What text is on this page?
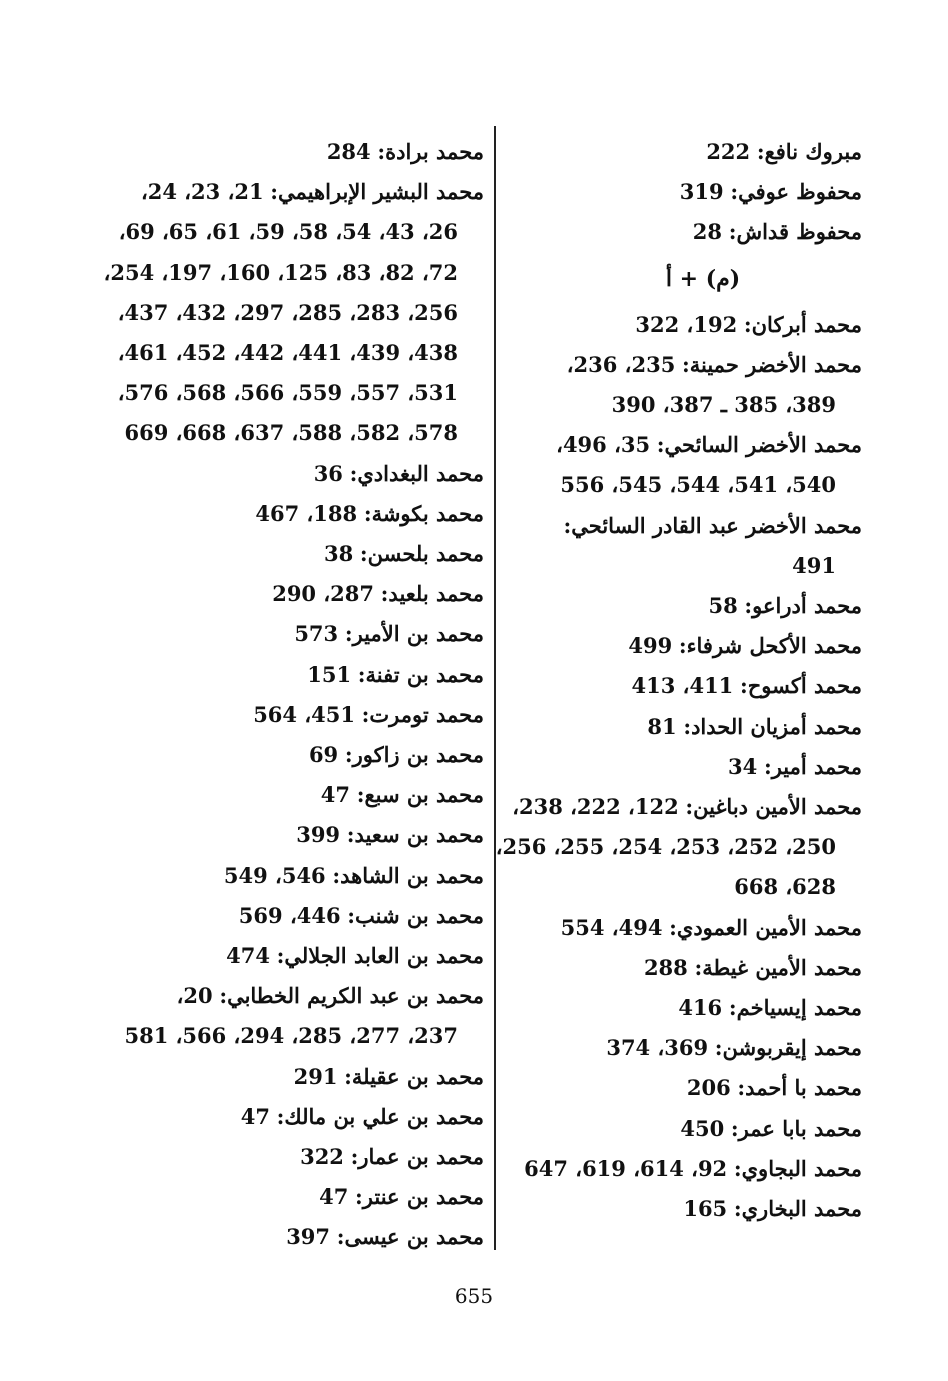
مبروك نافع: 222
محفوظ عوفي: 319
محفوظ قداش: 28
(م) + أ
محمد أبركان: 192، 322
محمد الأخضر حمينة: 235، 236،
389، 385 ـ 387، 390
محمد الأخضر السائحي: 35، 496،
540، 541، 544، 545، 556
محمد الأخضر عبد القادر السائحي:
491
محمد أدراعو: 58
محمد الأكحل شرفاء: 499
محمد أكسوح: 411، 413
محمد أمزيان الحداد: 81
محمد أمير: 34
محمد الأمين دباغين: 122، 222، 238،
250، 252، 253، 254، 255، 256،
628، 668
محمد الأمين العمودي: 494، 554
محمد الأمين غيطة: 288
محمد إيسياخم: 416
محمد إيقربوشن: 369، 374
محمد با أحمد: 206
محمد بابا عمر: 450
محمد البجاوي: 92، 614، 619، 647
محمد البخاري: 165
محمد برادة: 284
محمد البشير الإبراهيمي: 21، 23، 24،
26، 43، 54، 58، 59، 61، 65، 69،
72، 82، 83، 125، 160، 197، 254،
256، 283، 285، 297، 432، 437،
438، 439، 441، 442، 452، 461،
531، 557، 559، 566، 568، 576،
578، 582، 588، 637، 668، 669
محمد البغدادي: 36
محمد بكوشة: 188، 467
محمد بلحسن: 38
محمد بلعيد: 287، 290
محمد بن الأمير: 573
محمد بن تفنة: 151
محمد تومرت: 451، 564
محمد بن زاكور: 69
محمد بن سبع: 47
محمد بن سعيد: 399
محمد بن الشاهد: 546، 549
محمد بن شنب: 446، 569
محمد بن العابد الجلالي: 474
محمد بن عبد الكريم الخطابي: 20،
237، 277، 285، 294، 566، 581
محمد بن عقيلة: 291
محمد بن علي بن مالك: 47
محمد بن عمار: 322
محمد بن عنتر: 47
محمد بن عيسى: 397
655
